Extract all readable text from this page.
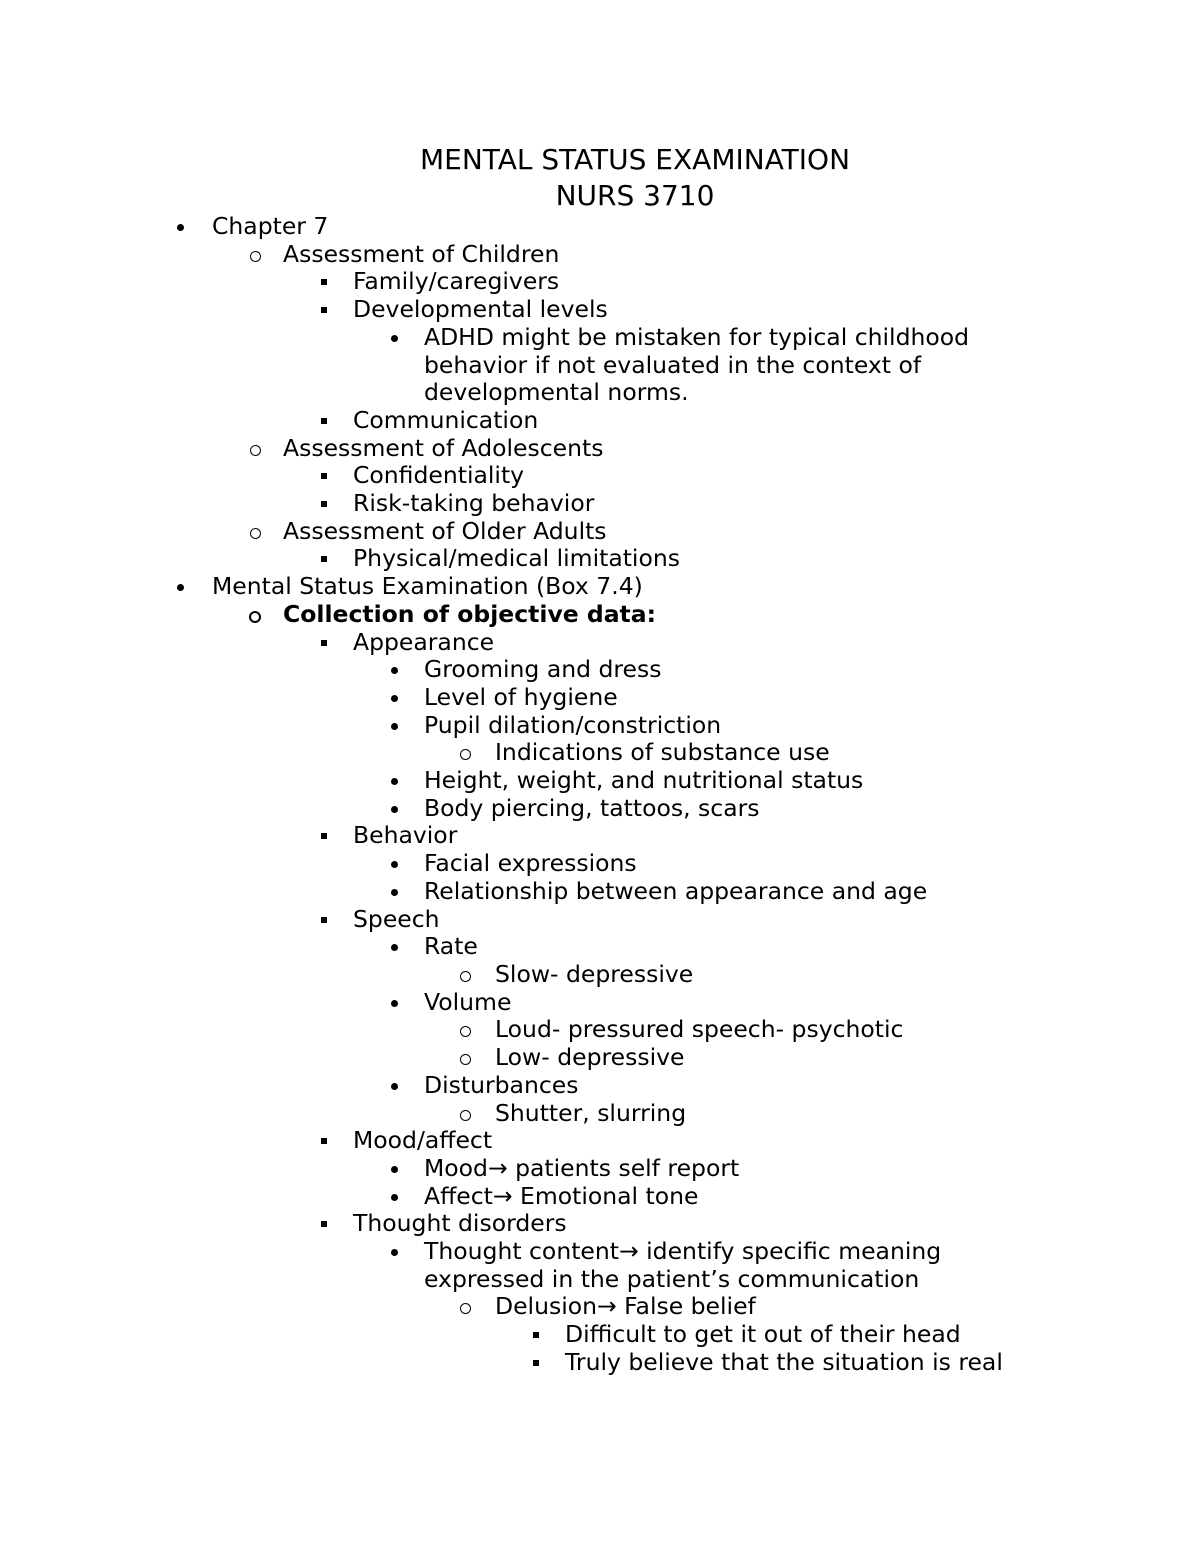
MENTAL STATUS EXAMINATION
NURS 3710
Chapter 7
Assessment of Children
Family/caregivers
Developmental levels
ADHD might be mistaken for typical childhood behavior if not evaluated in the context of developmental norms.
Communication
Assessment of Adolescents
Confidentiality
Risk-taking behavior
Assessment of Older Adults
Physical/medical limitations
Mental Status Examination (Box 7.4)
Collection of objective data:
Appearance
Grooming and dress
Level of hygiene
Pupil dilation/constriction
Indications of substance use
Height, weight, and nutritional status
Body piercing, tattoos, scars
Behavior
Facial expressions
Relationship between appearance and age
Speech
Rate
Slow- depressive
Volume
Loud- pressured speech- psychotic
Low- depressive
Disturbances
Shutter, slurring
Mood/affect
Mood→ patients self report
Affect→ Emotional tone
Thought disorders
Thought content→ identify specific meaning expressed in the patient’s communication
Delusion→ False belief
Difficult to get it out of their head
Truly believe that the situation is real
